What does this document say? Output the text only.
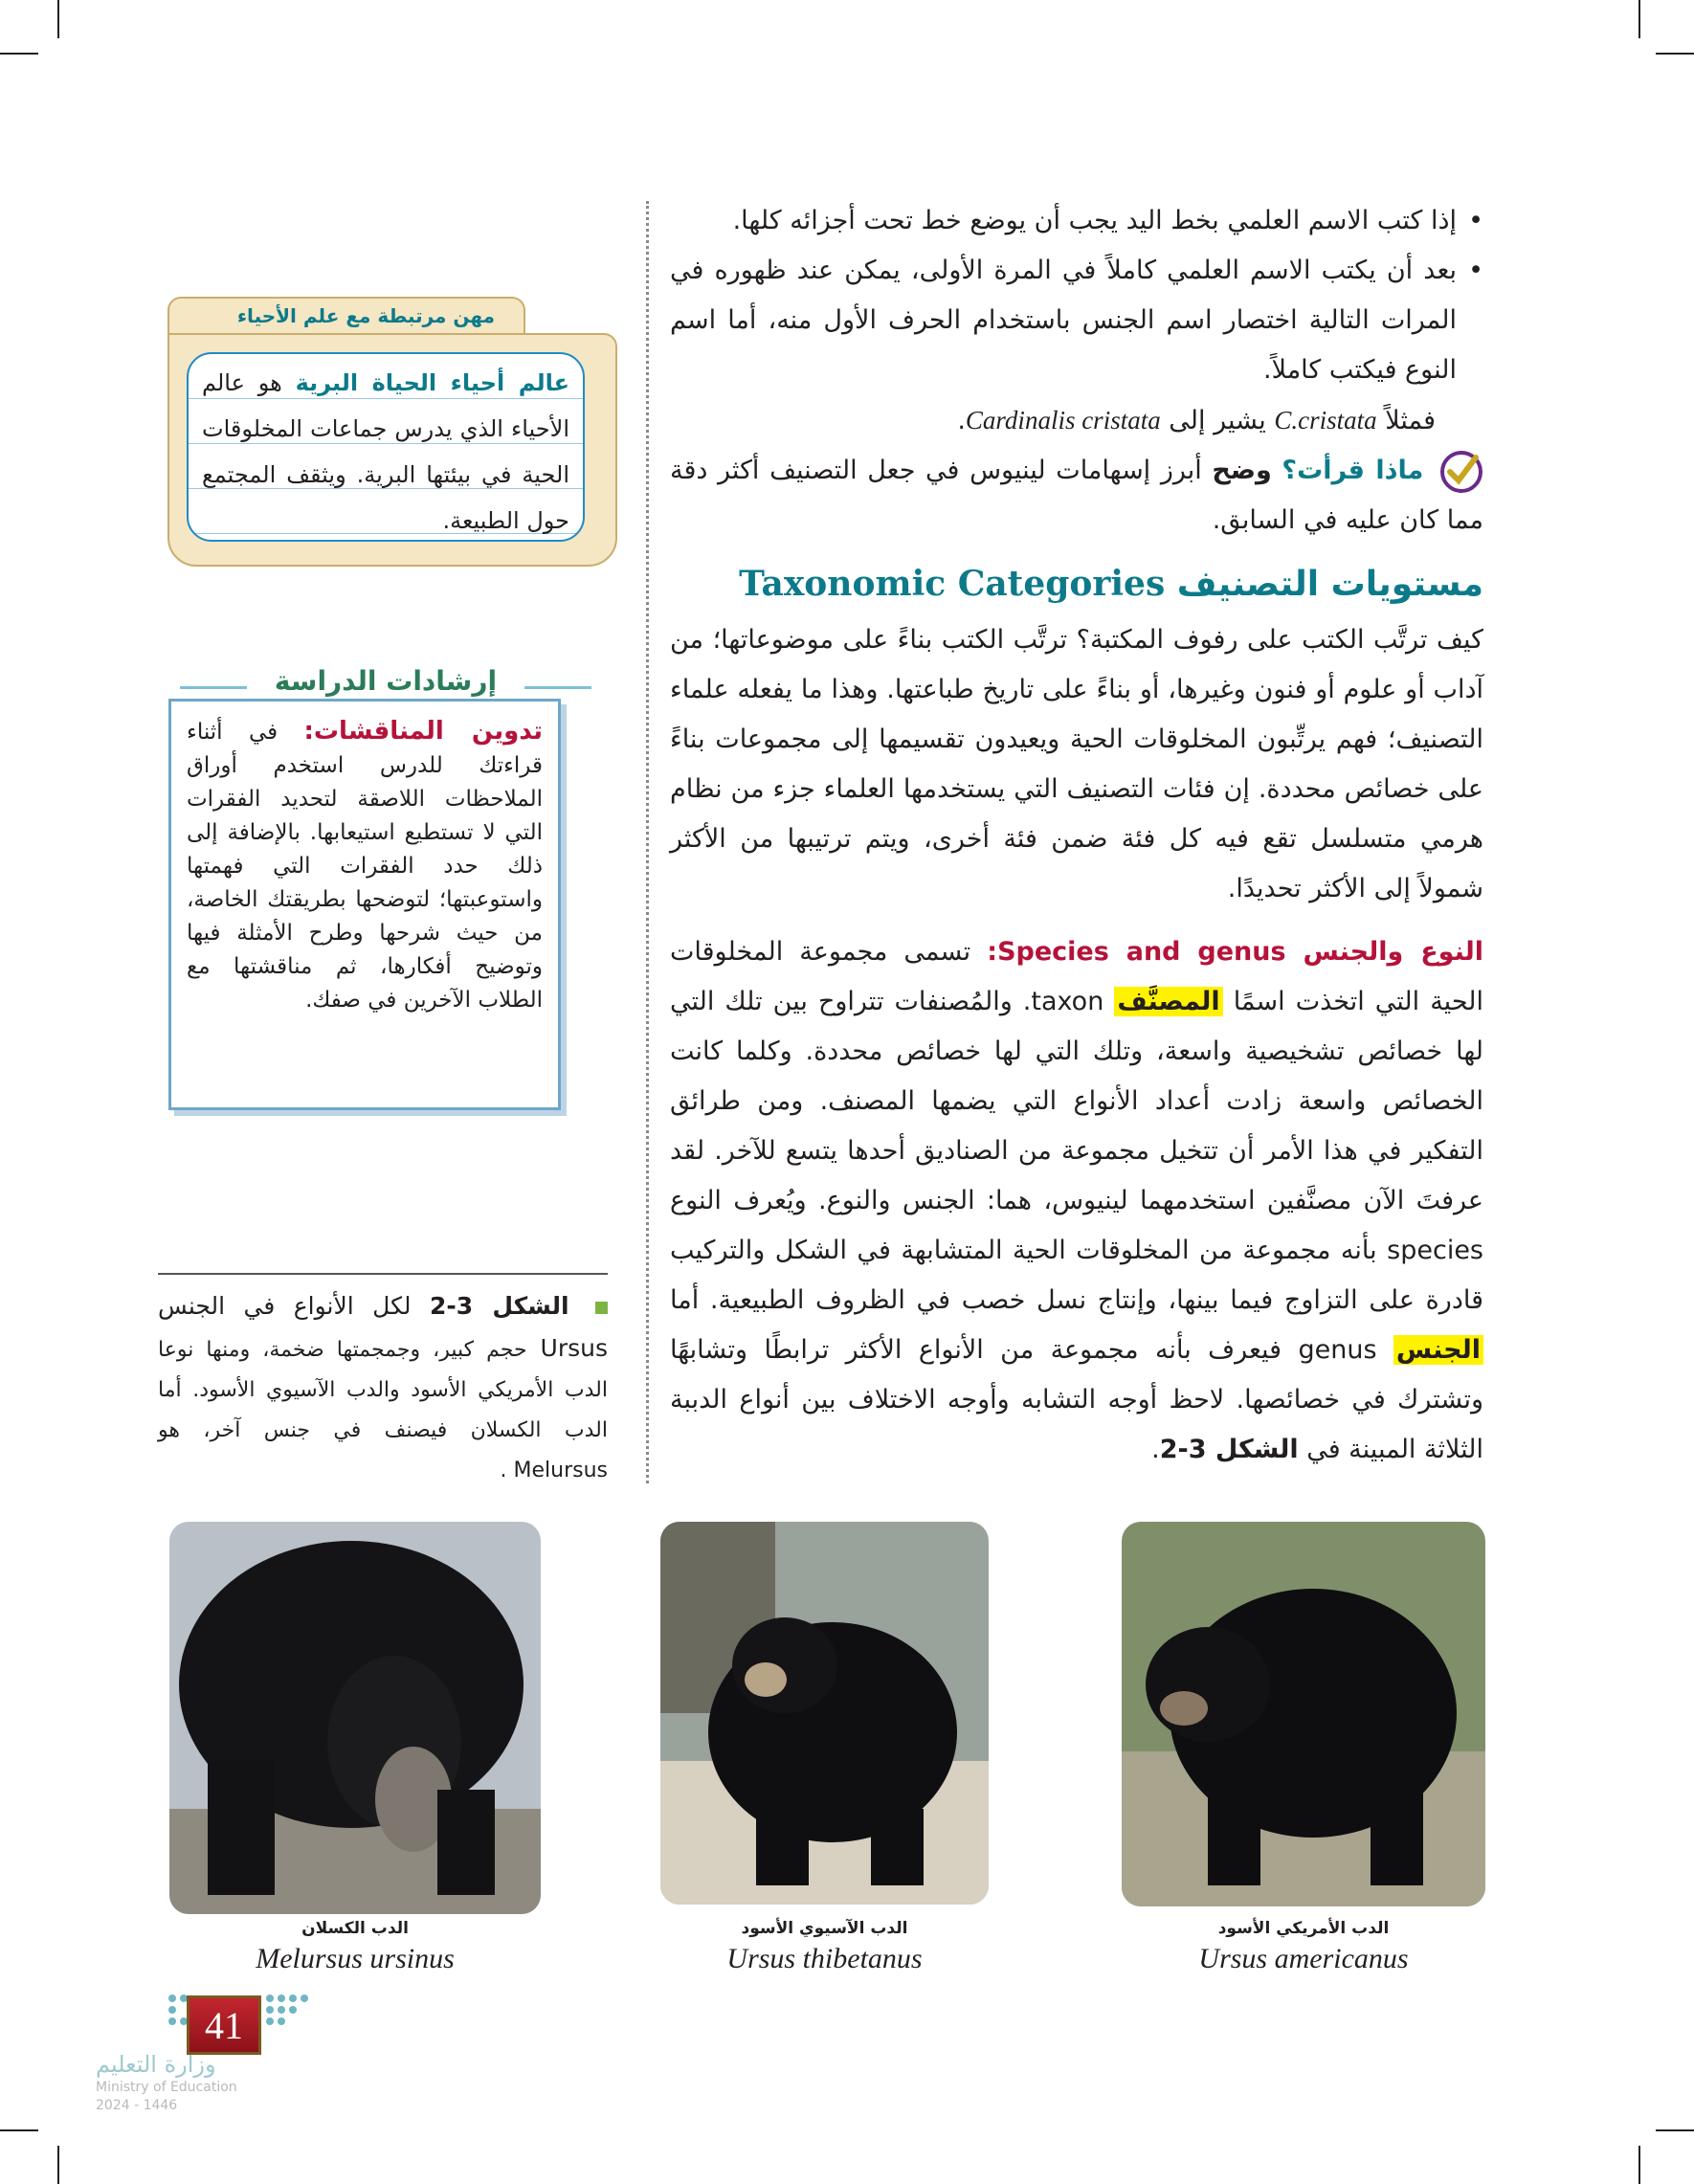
• إذا كتب الاسم العلمي بخط اليد يجب أن يوضع خط تحت أجزائه كلها.

• بعد أن يكتب الاسم العلمي كاملاً في المرة الأولى، يمكن عند ظهوره في المرات التالية اختصار اسم الجنس باستخدام الحرف الأول منه، أما اسم النوع فيكتب كاملاً.

فمثلاً C.cristata يشير إلى Cardinalis cristata.

ماذا قرأت؟ وضح أبرز إسهامات لينيوس في جعل التصنيف أكثر دقة مما كان عليه في السابق.

مستويات التصنيف Taxonomic Categories

كيف ترتَّب الكتب على رفوف المكتبة؟ ترتَّب الكتب بناءً على موضوعاتها؛ من آداب أو علوم أو فنون وغيرها، أو بناءً على تاريخ طباعتها. وهذا ما يفعله علماء التصنيف؛ فهم يرتِّبون المخلوقات الحية ويعيدون تقسيمها إلى مجموعات بناءً على خصائص محددة. إن فئات التصنيف التي يستخدمها العلماء جزء من نظام هرمي متسلسل تقع فيه كل فئة ضمن فئة أخرى، ويتم ترتيبها من الأكثر شمولاً إلى الأكثر تحديدًا.

النوع والجنس Species and genus: تسمى مجموعة المخلوقات الحية التي اتخذت اسمًا المصنَّف taxon. والمُصنفات تتراوح بين تلك التي لها خصائص تشخيصية واسعة، وتلك التي لها خصائص محددة. وكلما كانت الخصائص واسعة زادت أعداد الأنواع التي يضمها المصنف. ومن طرائق التفكير في هذا الأمر أن تتخيل مجموعة من الصناديق أحدها يتسع للآخر. لقد عرفتَ الآن مصنَّفين استخدمهما لينيوس، هما: الجنس والنوع. ويُعرف النوع species بأنه مجموعة من المخلوقات الحية المتشابهة في الشكل والتركيب قادرة على التزاوج فيما بينها، وإنتاج نسل خصب في الظروف الطبيعية. أما الجنس genus فيعرف بأنه مجموعة من الأنواع الأكثر ترابطًا وتشابهًا وتشترك في خصائصها. لاحظ أوجه التشابه وأوجه الاختلاف بين أنواع الدببة الثلاثة المبينة في الشكل 3-2.

مهن مرتبطة مع علم الأحياء
عالم أحياء الحياة البرية هو عالم الأحياء الذي يدرس جماعات المخلوقات الحية في بيئتها البرية. ويثقف المجتمع حول الطبيعة.
إرشادات الدراسة
تدوين المناقشات: في أثناء قراءتك للدرس استخدم أوراق الملاحظات اللاصقة لتحديد الفقرات التي لا تستطيع استيعابها. بالإضافة إلى ذلك حدد الفقرات التي فهمتها واستوعبتها؛ لتوضحها بطريقتك الخاصة، من حيث شرحها وطرح الأمثلة فيها وتوضيح أفكارها، ثم مناقشتها مع الطلاب الآخرين في صفك.
الشكل 3-2 لكل الأنواع في الجنس Ursus حجم كبير، وجمجمتها ضخمة، ومنها نوعا الدب الأمريكي الأسود والدب الآسيوي الأسود. أما الدب الكسلان فيصنف في جنس آخر، هو Melursus .
الدب الكسلان
Melursus ursinus
الدب الآسيوي الأسود
Ursus thibetanus
الدب الأمريكي الأسود
Ursus americanus
41
وزارة التعليم
Ministry of Education
2024 - 1446
